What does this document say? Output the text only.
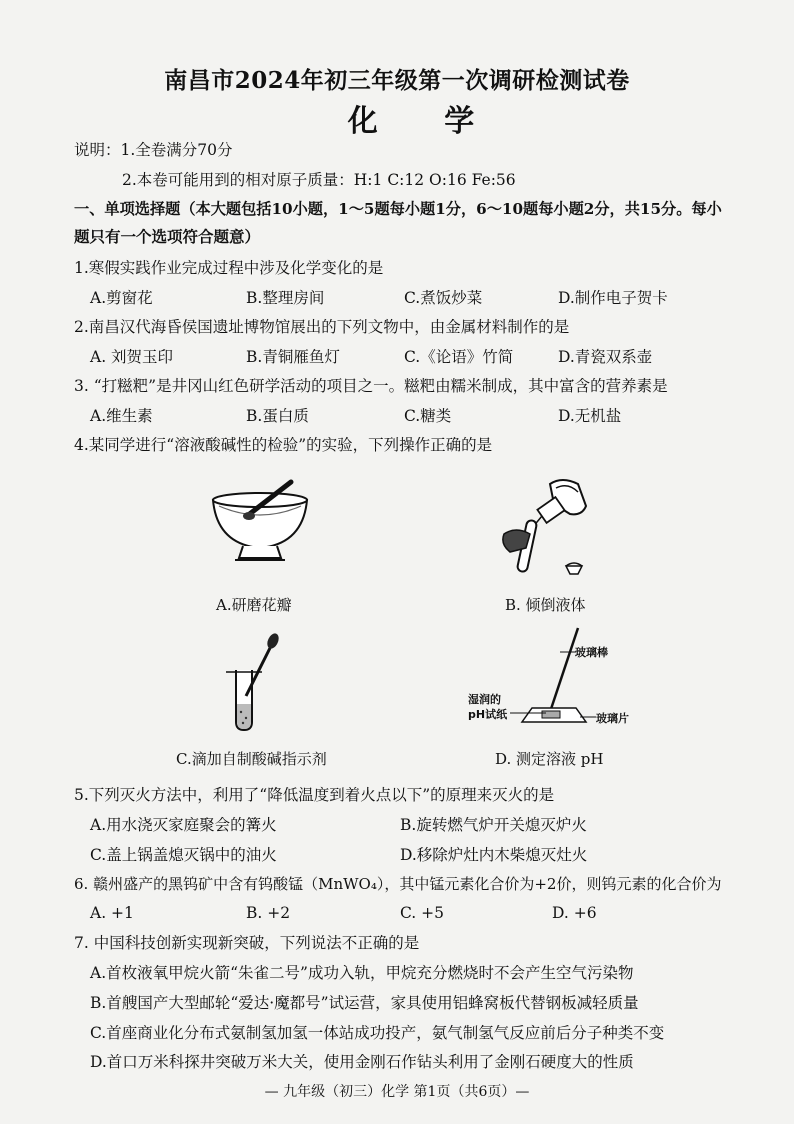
南昌市2024年初三年级第一次调研检测试卷
化 学
说明：1.全卷满分70分
2.本卷可能用到的相对原子质量：H:1 C:12 O:16 Fe:56
一、单项选择题（本大题包括10小题，1～5题每小题1分，6～10题每小题2分，共15分。每小
题只有一个选项符合题意）
1.寒假实践作业完成过程中涉及化学变化的是
A.剪窗花	B.整理房间	C.煮饭炒菜	D.制作电子贺卡
2.南昌汉代海昏侯国遗址博物馆展出的下列文物中，由金属材料制作的是
A. 刘贺玉印	B.青铜雁鱼灯	C.《论语》竹简	D.青瓷双系壶
3. “打糍粑”是井冈山红色研学活动的项目之一。糍粑由糯米制成，其中富含的营养素是
A.维生素	B.蛋白质	C.糖类	D.无机盐
4.某同学进行“溶液酸碱性的检验”的实验，下列操作正确的是
A.研磨花瓣	B. 倾倒液体
C.滴加自制酸碱指示剂
玻璃棒
湿润的
pH试纸	玻璃片
D. 测定溶液 pH
5.下列灭火方法中，利用了“降低温度到着火点以下”的原理来灭火的是
A.用水浇灭家庭聚会的篝火	B.旋转燃气炉开关熄灭炉火
C.盖上锅盖熄灭锅中的油火	D.移除炉灶内木柴熄灭灶火
6. 赣州盛产的黑钨矿中含有钨酸锰（MnWO₄），其中锰元素化合价为+2价，则钨元素的化合价为
A. +1	B. +2	C. +5	D. +6
7. 中国科技创新实现新突破，下列说法不正确的是
A.首枚液氧甲烷火箭“朱雀二号”成功入轨，甲烷充分燃烧时不会产生空气污染物
B.首艘国产大型邮轮“爱达·魔都号”试运营，家具使用铝蜂窝板代替钢板减轻质量
C.首座商业化分布式氨制氢加氢一体站成功投产，氨气制氢气反应前后分子种类不变
D.首口万米科探井突破万米大关，使用金刚石作钻头利用了金刚石硬度大的性质
— 九年级（初三）化学 第1页（共6页）—
